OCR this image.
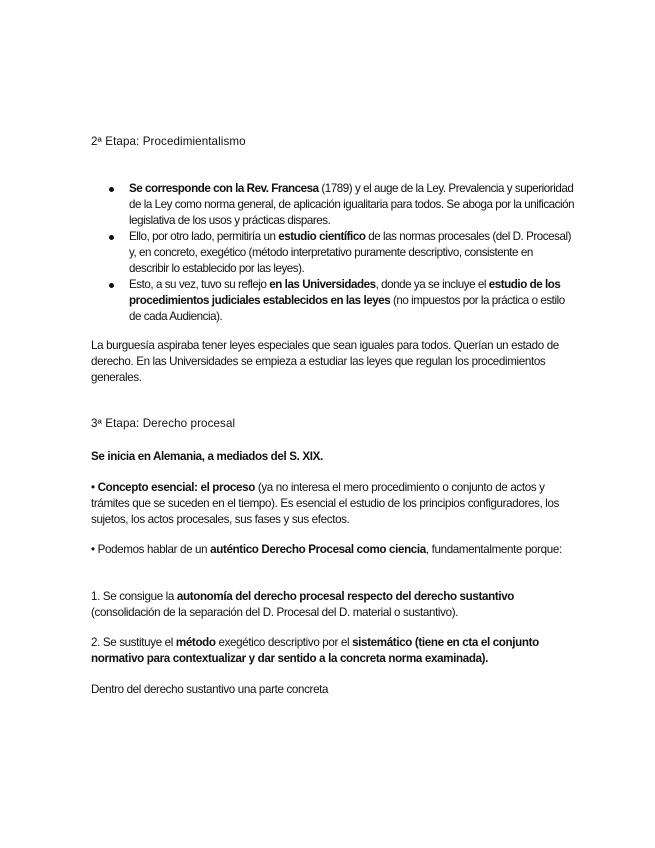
2ª Etapa: Procedimientalismo

Se corresponde con la Rev. Francesa (1789) y el auge de la Ley. Prevalencia y superioridad de la Ley como norma general, de aplicación igualitaria para todos. Se aboga por la unificación legislativa de los usos y prácticas dispares.
Ello, por otro lado, permitiría un estudio científico de las normas procesales (del D. Procesal) y, en concreto, exegético (método interpretativo puramente descriptivo, consistente en describir lo establecido por las leyes).
Esto, a su vez, tuvo su reflejo en las Universidades, donde ya se incluye el estudio de los procedimientos judiciales establecidos en las leyes (no impuestos por la práctica o estilo de cada Audiencia).

La burguesía aspiraba tener leyes especiales que sean iguales para todos. Querían un estado de derecho. En las Universidades se empieza a estudiar las leyes que regulan los procedimientos generales.

3ª Etapa: Derecho procesal

Se inicia en Alemania, a mediados del S. XIX.

• Concepto esencial: el proceso (ya no interesa el mero procedimiento o conjunto de actos y trámites que se suceden en el tiempo). Es esencial el estudio de los principios configuradores, los sujetos, los actos procesales, sus fases y sus efectos.

• Podemos hablar de un auténtico Derecho Procesal como ciencia, fundamentalmente porque:

1. Se consigue la autonomía del derecho procesal respecto del derecho sustantivo (consolidación de la separación del D. Procesal del D. material o sustantivo).

2. Se sustituye el método exegético descriptivo por el sistemático (tiene en cta el conjunto normativo para contextualizar y dar sentido a la concreta norma examinada).

Dentro del derecho sustantivo una parte concreta
